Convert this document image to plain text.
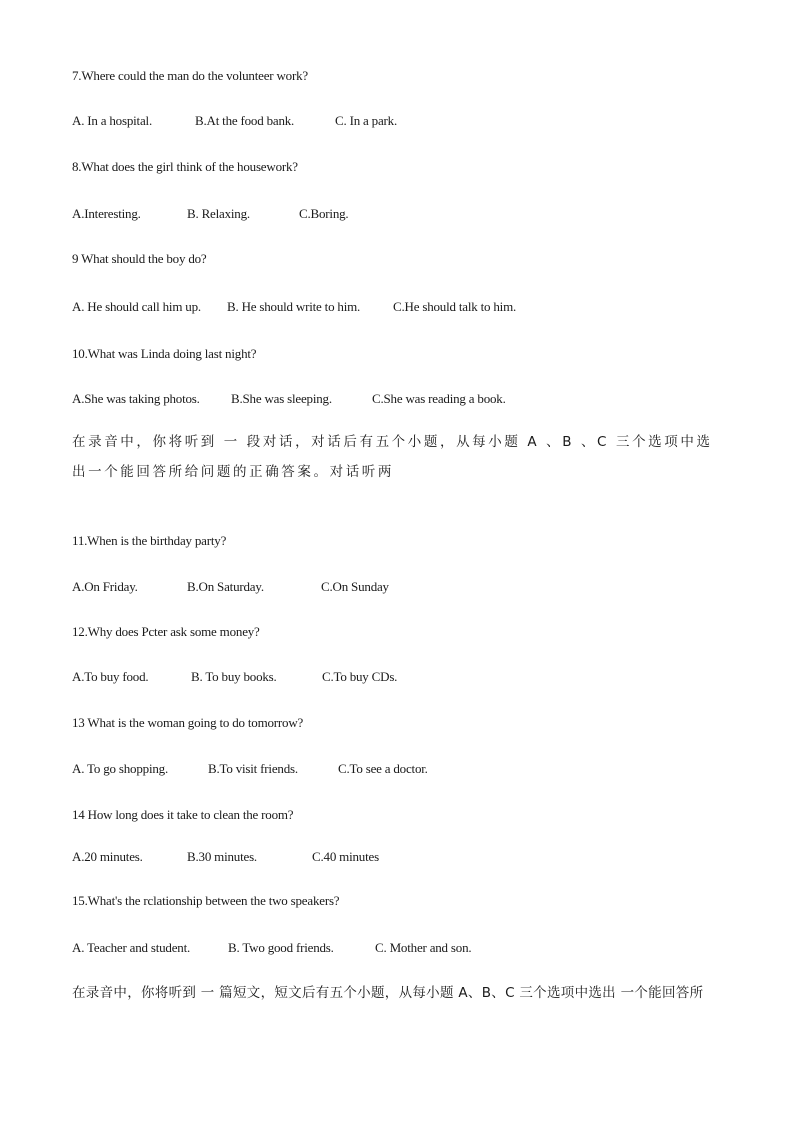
7.Where could the man do the volunteer work?
A. In a hospital.	B.At the food bank.	C. In a park.
8.What does the girl think of the housework?
A.Interesting.	B. Relaxing.	C.Boring.
9 What should the boy do?
A. He should call him up. B. He should write to him.	C.He should talk to him.
10.What was Linda doing last night?
A.She was taking photos. B.She was sleeping.	C.She was reading a book.
在录音中，你将听到 一 段对话，对话后有五个小题，从每小题 A 、B 、C 三个选项中选出一个能回答所给问题的正确答案。对话听两
11.When is the birthday party?
A.On Friday.	B.On Saturday.	C.On Sunday
12.Why does Pcter ask some money?
A.To buy food.	B. To buy books.	C.To buy CDs.
13 What is the woman going to do tomorrow?
A. To go shopping.	B.To visit friends.	C.To see a doctor.
14 How long does it take to clean the room?
A.20 minutes.	B.30 minutes.	C.40 minutes
15.What's the rclationship between the two speakers?
A. Teacher and student.	B. Two good friends.	C. Mother and son.
在录音中，你将听到 一 篇短文，短文后有五个小题，从每小题 A、B、C 三个选项中选出 一个能回答所
